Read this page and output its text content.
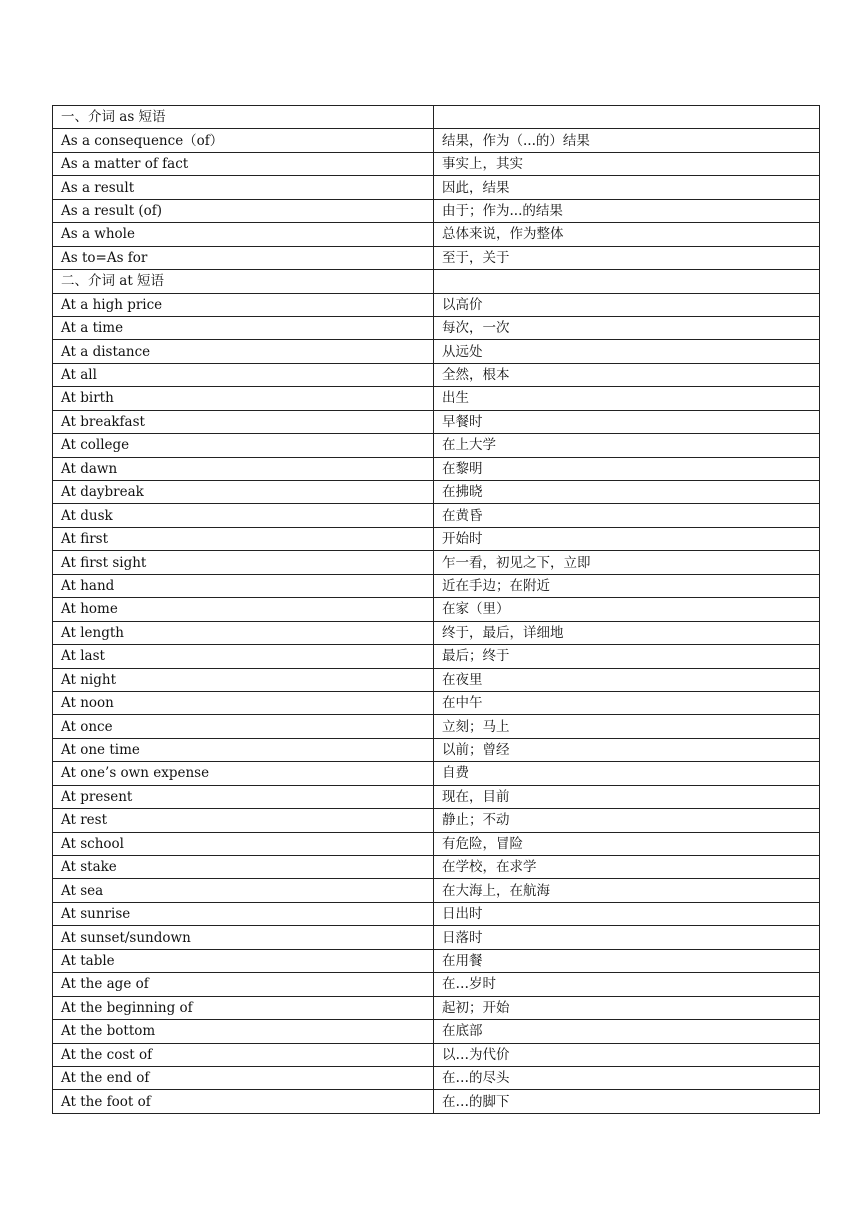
一、介词 as 短语	
As a consequence（of）	结果，作为（...的）结果
As a matter of fact	事实上，其实
As a result	因此，结果
As a result (of)	由于；作为...的结果
As a whole	总体来说，作为整体
As to=As for	至于，关于
二、介词 at 短语	
At a high price	以高价
At a time	每次，一次
At a distance	从远处
At all	全然，根本
At birth	出生
At breakfast	早餐时
At college	在上大学
At dawn	在黎明
At daybreak	在拂晓
At dusk	在黄昏
At first	开始时
At first sight	乍一看，初见之下，立即
At hand	近在手边；在附近
At home	在家（里）
At length	终于，最后，详细地
At last	最后；终于
At night	在夜里
At noon	在中午
At once	立刻；马上
At one time	以前；曾经
At one’s own expense	自费
At present	现在，目前
At rest	静止；不动
At school	有危险，冒险
At stake	在学校，在求学
At sea	在大海上，在航海
At sunrise	日出时
At sunset/sundown	日落时
At table	在用餐
At the age of	在…岁时
At the beginning of	起初；开始
At the bottom	在底部
At the cost of	以…为代价
At the end of	在…的尽头
At the foot of	在…的脚下
